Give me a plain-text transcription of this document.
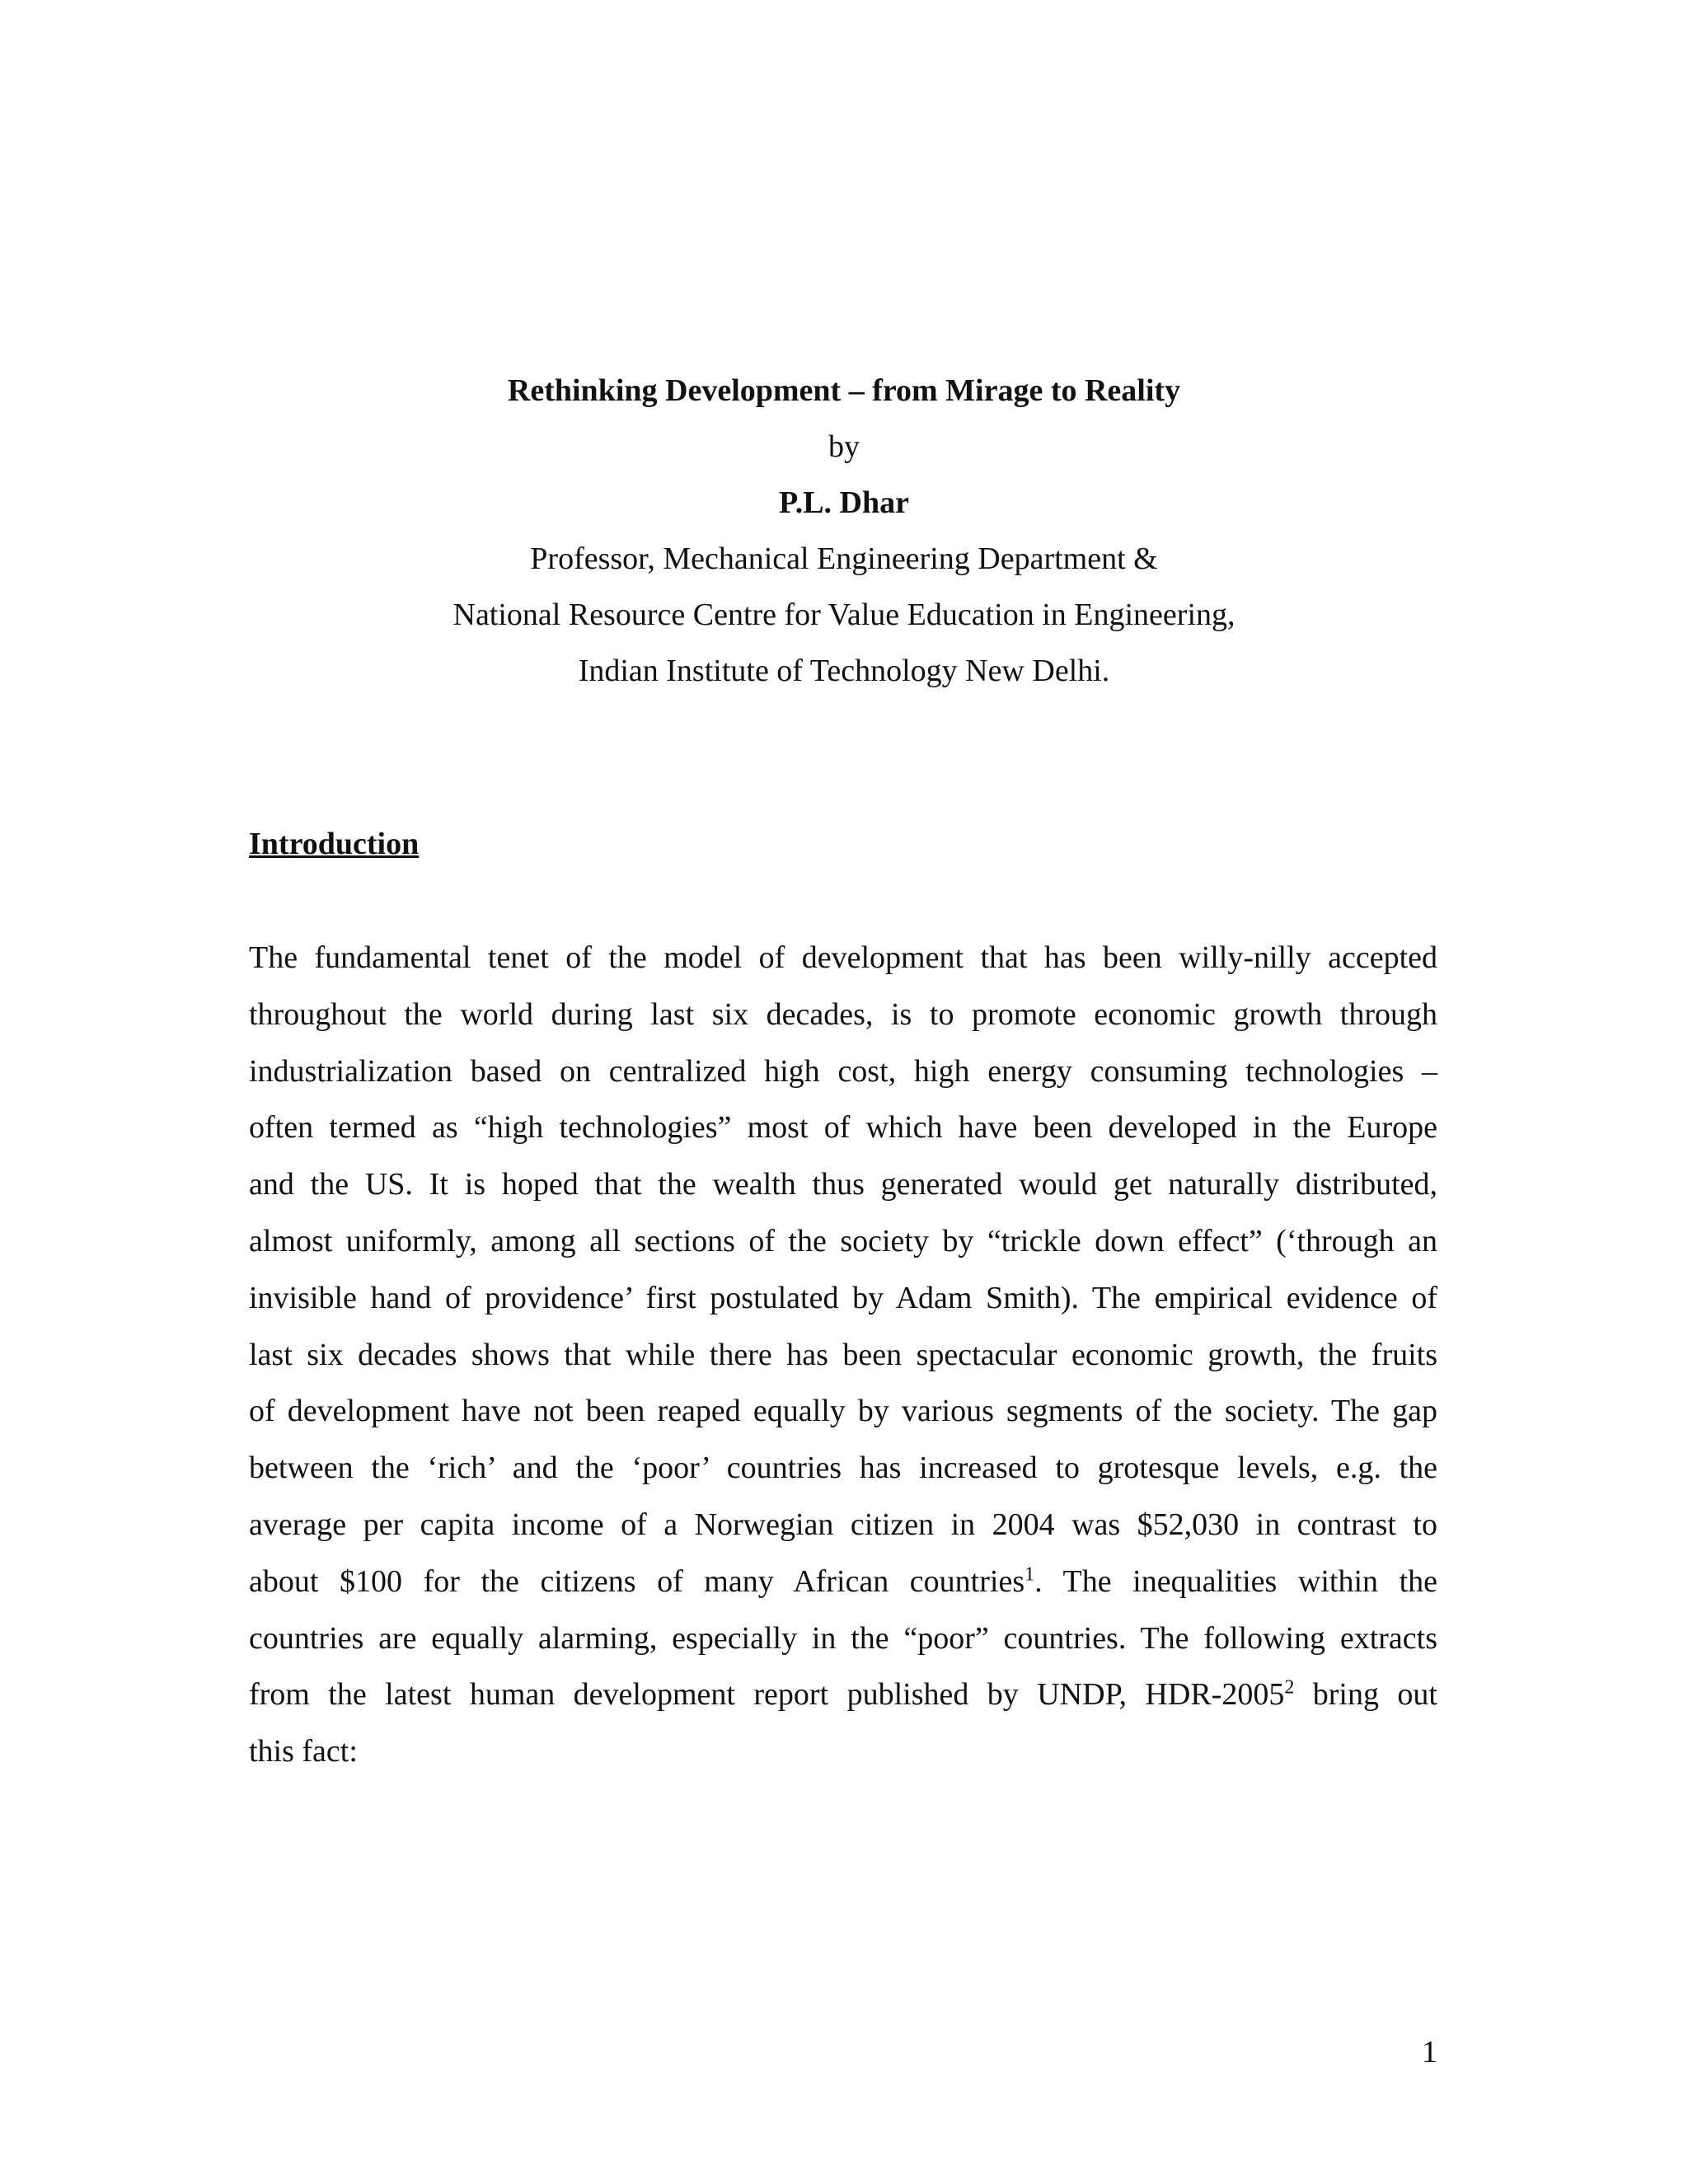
Rethinking Development – from Mirage to Reality
by
P.L. Dhar
Professor, Mechanical Engineering Department &
National Resource Centre for Value Education in Engineering,
Indian Institute of Technology New Delhi.
Introduction
The fundamental tenet of the model of development that has been willy-nilly accepted
throughout the world during last six decades, is to promote economic growth through
industrialization based on centralized high cost, high energy consuming technologies –
often termed as “high technologies” most of which have been developed in the Europe
and the US. It is hoped that the wealth thus generated would get naturally distributed,
almost uniformly, among all sections of the society by “trickle down effect” (‘through an
invisible hand of providence’ first postulated by Adam Smith). The empirical evidence of
last six decades shows that while there has been spectacular economic growth, the fruits
of development have not been reaped equally by various segments of the society. The gap
between the ‘rich’ and the ‘poor’ countries has increased to grotesque levels, e.g. the
average per capita income of a Norwegian citizen in 2004 was $52,030 in contrast to
about $100 for the citizens of many African countries$^1$. The inequalities within the
countries are equally alarming, especially in the “poor” countries. The following extracts
from the latest human development report published by UNDP, HDR-2005$^2$ bring out
this fact:
1
